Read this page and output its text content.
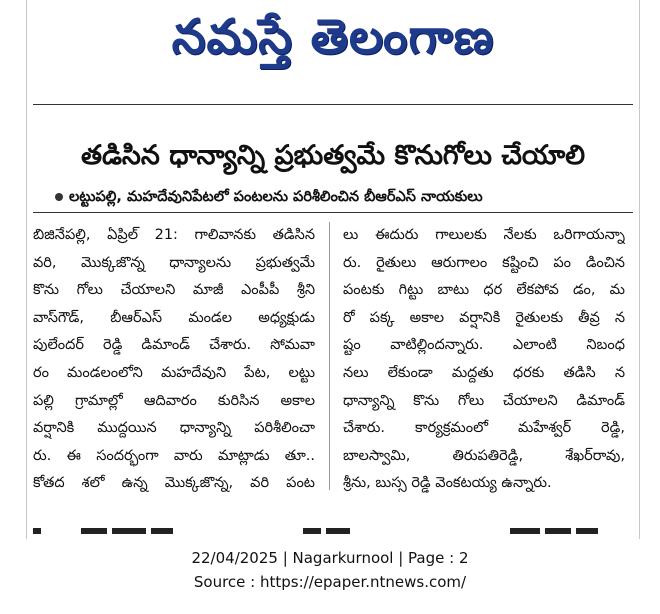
నమస్తే తెలంగాణ
తడిసిన ధాన్యాన్ని ప్రభుత్వమే కొనుగోలు చేయాలి
లట్టుపల్లి, మహదేవునిపేటలో పంటలను పరిశీలించిన బీఆర్ఎస్ నాయకులు
బిజినేపల్లి, ఏప్రిల్ 21: గాలివానకు తడిసిన
వరి, మొక్కజొన్న ధాన్యాలను ప్రభుత్వమే
కొను గోలు చేయాలని మాజీ ఎంపీపీ శ్రీని
వాస్‌గౌడ్, బీఆర్ఎస్ మండల అధ్యక్షుడు
పులేందర్ రెడ్డి డిమాండ్ చేశారు. సోమవా
రం మండలంలోని మహదేవుని పేట, లట్టు
పల్లి గ్రామాల్లో ఆదివారం కురిసిన అకాల
వర్షానికి ముద్దయిన ధాన్యాన్ని పరిశీలించా
రు. ఈ సందర్భంగా వారు మాట్లాడు తూ..
కోతద శలో ఉన్న మొక్కజొన్న, వరి పంట
లు ఈదురు గాలులకు నేలకు ఒరిగాయన్నా
రు. రైతులు ఆరుగాలం కష్టించి పం డించిన
పంటకు గిట్టు బాటు ధర లేకపోవ డం, మ
రో పక్క అకాల వర్షానికి రైతులకు తీవ్ర న
ష్టం వాటిల్లిందన్నారు. ఎలాంటి నిబంధ
నలు లేకుండా మద్దతు ధరకు తడిసి న
ధాన్యాన్ని కొను గోలు చేయాలని డిమాండ్
చేశారు. కార్యక్రమంలో మహేశ్వర్ రెడ్డి,
బాలస్వామి, తిరుపతిరెడ్డి, శేఖర్‌రావు,
శ్రీను, బుస్స రెడ్డి వెంకటయ్య ఉన్నారు.
22/04/2025 | Nagarkurnool | Page : 2
Source : https://epaper.ntnews.com/
